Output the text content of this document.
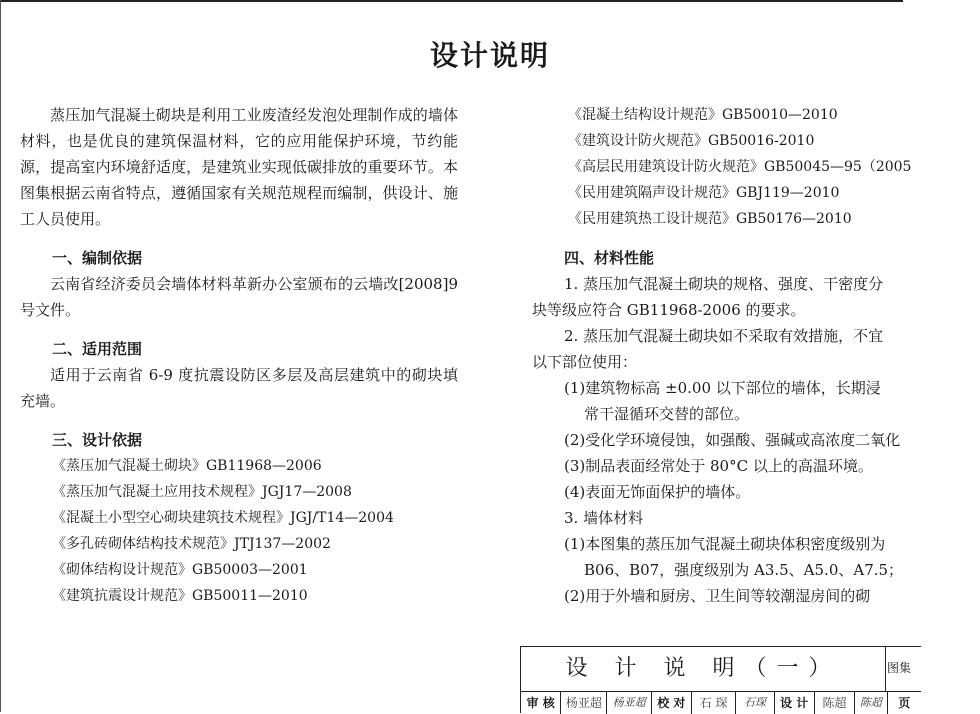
设计说明

蒸压加气混凝土砌块是利用工业废渣经发泡处理制作成的墙体材料，也是优良的建筑保温材料，它的应用能保护环境，节约能源，提高室内环境舒适度，是建筑业实现低碳排放的重要环节。本图集根据云南省特点，遵循国家有关规范规程而编制，供设计、施工人员使用。

一、编制依据

云南省经济委员会墙体材料革新办公室颁布的云墙改[2008]9 号文件。

二、适用范围

适用于云南省 6-9 度抗震设防区多层及高层建筑中的砌块填充墙。

三、设计依据
《蒸压加气混凝土砌块》GB11968—2006
《蒸压加气混凝土应用技术规程》JGJ17—2008
《混凝土小型空心砌块建筑技术规程》JGJ/T14—2004
《多孔砖砌体结构技术规范》JTJ137—2002
《砌体结构设计规范》GB50003—2001
《建筑抗震设计规范》GB50011—2010
《混凝土结构设计规范》GB50010—2010
《建筑设计防火规范》GB50016-2010
《高层民用建筑设计防火规范》GB50045—95（2005
《民用建筑隔声设计规范》GBJ119—2010
《民用建筑热工设计规范》GB50176—2010
四、材料性能
1. 蒸压加气混凝土砌块的规格、强度、干密度分
块等级应符合 GB11968-2006 的要求。
2. 蒸压加气混凝土砌块如不采取有效措施，不宜
以下部位使用：
(1)建筑物标高 ±0.00 以下部位的墙体，长期浸
常干湿循环交替的部位。
(2)受化学环境侵蚀，如强酸、强碱或高浓度二氧化
(3)制品表面经常处于 80°C 以上的高温环境。
(4)表面无饰面保护的墙体。
3. 墙体材料
(1)本图集的蒸压加气混凝土砌块体积密度级别为
B06、B07，强度级别为 A3.5、A5.0、A7.5；
(2)用于外墙和厨房、卫生间等较潮湿房间的砌
设 计 说 明（一）	图集
审 核 杨亚超 杨亚超 校 对	石 琛	石琛	设 计	陈超	陈超	页
